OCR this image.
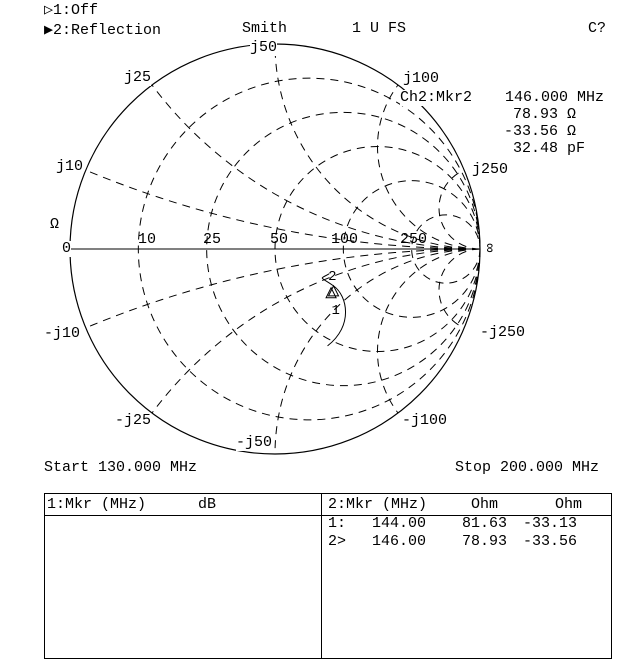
1
2
▷1:Off
▶2:Reflection	Smith	1 U FS	C?
Ch2:Mkr2 146.000 MHz
78.93 Ω
-33.56 Ω
32.48 pF
j50
j25
j10
j100
j250
Ω
0
10	25	50	100	250	∞
-j10
-j25
-j50
-j100
-j250
Start 130.000 MHz	Stop 200.000 MHz
1:Mkr (MHz)	dB	2:Mkr (MHz)	Ohm	Ohm
1: 144.00 81.63 -33.13
2> 146.00 78.93 -33.56
